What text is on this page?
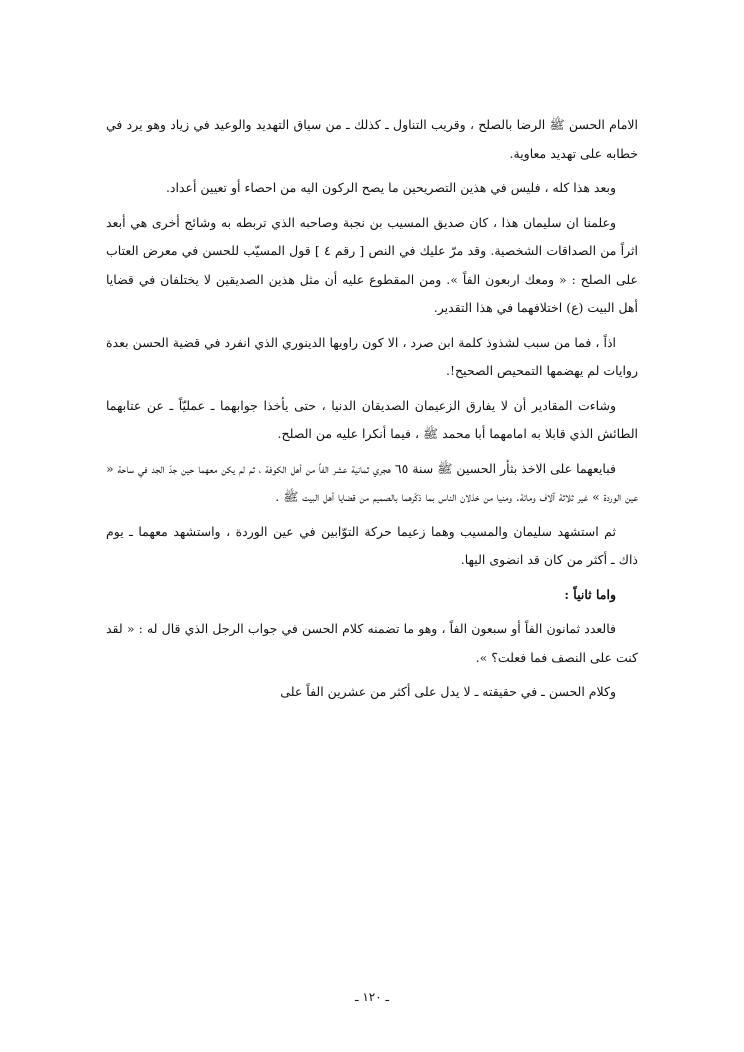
الامام الحسن ﷺ الرضا بالصلح ، وقريب التناول ـ كذلك ـ من سياق التهديد والوعيد في زياد وهو يرد في خطابه على تهديد معاوية.

وبعد هذا كله ، فليس في هذين التصريحين ما يصح الركون اليه من احصاء أو تعيين أعداد.

وعلمنا ان سليمان هذا ، كان صديق المسيب بن نجبة وصاحبه الذي تربطه به وشائج أخرى هي أبعد اثراً من الصداقات الشخصية. وقد مرّ عليك في النص [ رقم ٤ ] قول المسيّب للحسن في معرض العتاب على الصلح : « ومعك اربعون الفاً ». ومن المقطوع عليه أن مثل هذين الصديقين لا يختلفان في قضايا أهل البيت (ع) اختلافهما في هذا التقدير.

اذاً ، فما من سبب لشذوذ كلمة ابن صرد ، الا كون راويها الدينوري الذي انفرد في قضية الحسن بعدة روايات لم يهضمها التمحيص الصحيح!.

وشاءت المقادير أن لا يفارق الزعيمان الصديقان الدنيا ، حتى يأخذا جوابهما ـ عمليّاً ـ عن عتابهما الطائش الذي قابلا به امامهما أبا محمد ﷺ ، فيما أنكرا عليه من الصلح.

فبايعهما على الاخذ بثأر الحسين ﷺ سنة ٦٥ هجري ثمانية عشر الفاً من أهل الكوفة ، ثم لم يكن معهما حين جدّ الجد في ساحة « عين الوردة » غير ثلاثة آلاف ومائة. ومنيا من خذلان الناس بما ذكّرهما بالصميم من قضايا أهل البيت ﷺ .

ثم استشهد سليمان والمسيب وهما زعيما حركة التوّابين في عين الوردة ، واستشهد معهما ـ يوم ذاك ـ أكثر من كان قد انضوى اليها.

واما ثانياً :

فالعدد ثمانون الفاً أو سبعون الفاً ، وهو ما تضمنه كلام الحسن في جواب الرجل الذي قال له : « لقد كنت على النصف فما فعلت؟ ».

وكلام الحسن ـ في حقيقته ـ لا يدل على أكثر من عشرين الفاً على

ـ ١٢٠ ـ
